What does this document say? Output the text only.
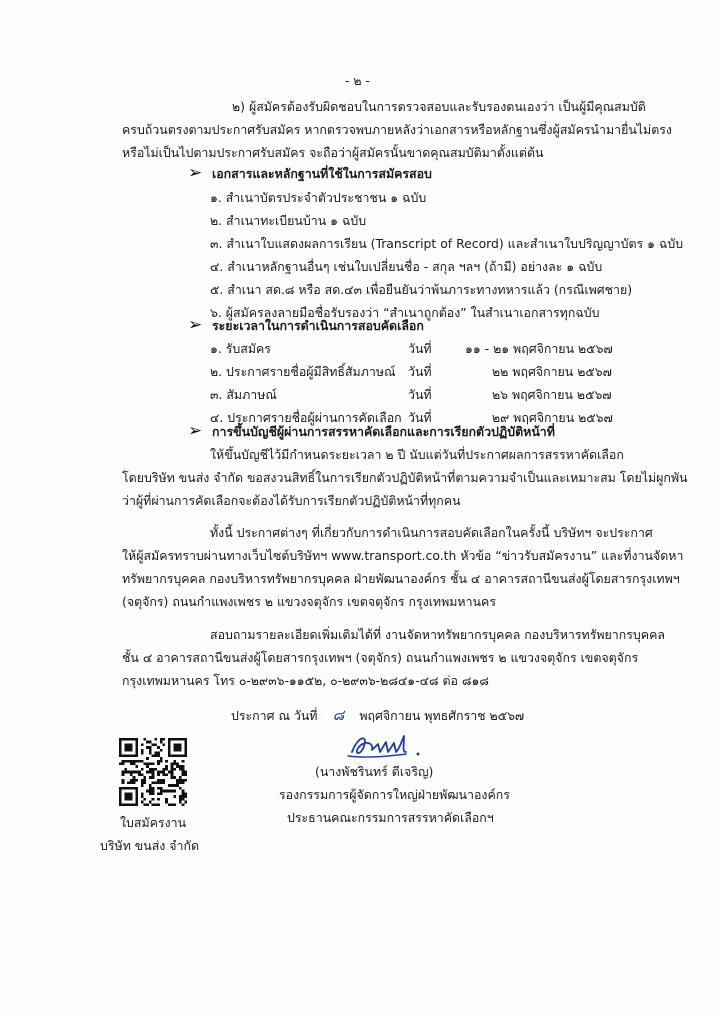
- ๒ -
๒) ผู้สมัครต้องรับผิดชอบในการตรวจสอบและรับรองตนเองว่า เป็นผู้มีคุณสมบัติ
ครบถ้วนตรงตามประกาศรับสมัคร หากตรวจพบภายหลังว่าเอกสารหรือหลักฐานซึ่งผู้สมัครนำมายื่นไม่ตรง
หรือไม่เป็นไปตามประกาศรับสมัคร จะถือว่าผู้สมัครนั้นขาดคุณสมบัติมาตั้งแต่ต้น
➢ เอกสารและหลักฐานที่ใช้ในการสมัครสอบ
๑. สำเนาบัตรประจำตัวประชาชน ๑ ฉบับ
๒. สำเนาทะเบียนบ้าน ๑ ฉบับ
๓. สำเนาใบแสดงผลการเรียน (Transcript of Record) และสำเนาใบปริญญาบัตร ๑ ฉบับ
๔. สำเนาหลักฐานอื่นๆ เช่นใบเปลี่ยนชื่อ - สกุล ฯลฯ (ถ้ามี) อย่างละ ๑ ฉบับ
๕. สำเนา สด.๘ หรือ สด.๔๓ เพื่อยืนยันว่าพ้นภาระทางทหารแล้ว (กรณีเพศชาย)
๖. ผู้สมัครลงลายมือชื่อรับรองว่า “สำเนาถูกต้อง” ในสำเนาเอกสารทุกฉบับ
➢ ระยะเวลาในการดำเนินการสอบคัดเลือก
๑. รับสมัคร	วันที่	๑๑ - ๒๑ พฤศจิกายน ๒๕๖๗
๒. ประกาศรายชื่อผู้มีสิทธิ์สัมภาษณ์ วันที่	๒๒ พฤศจิกายน ๒๕๖๗
๓. สัมภาษณ์	วันที่	๒๖ พฤศจิกายน ๒๕๖๗
๔. ประกาศรายชื่อผู้ผ่านการคัดเลือก วันที่	๒๙ พฤศจิกายน ๒๕๖๗
➢ การขึ้นบัญชีผู้ผ่านการสรรหาคัดเลือกและการเรียกตัวปฏิบัติหน้าที่
ให้ขึ้นบัญชีไว้มีกำหนดระยะเวลา ๒ ปี นับแต่วันที่ประกาศผลการสรรหาคัดเลือก
โดยบริษัท ขนส่ง จำกัด ขอสงวนสิทธิ์ในการเรียกตัวปฏิบัติหน้าที่ตามความจำเป็นและเหมาะสม โดยไม่ผูกพัน
ว่าผู้ที่ผ่านการคัดเลือกจะต้องได้รับการเรียกตัวปฏิบัติหน้าที่ทุกคน
ทั้งนี้ ประกาศต่างๆ ที่เกี่ยวกับการดำเนินการสอบคัดเลือกในครั้งนี้ บริษัทฯ จะประกาศ
ให้ผู้สมัครทราบผ่านทางเว็บไซต์บริษัทฯ www.transport.co.th หัวข้อ “ข่าวรับสมัครงาน” และที่งานจัดหา
ทรัพยากรบุคคล กองบริหารทรัพยากรบุคคล ฝ่ายพัฒนาองค์กร ชั้น ๔ อาคารสถานีขนส่งผู้โดยสารกรุงเทพฯ
(จตุจักร) ถนนกำแพงเพชร ๒ แขวงจตุจักร เขตจตุจักร กรุงเทพมหานคร
สอบถามรายละเอียดเพิ่มเติมได้ที่ งานจัดหาทรัพยากรบุคคล กองบริหารทรัพยากรบุคคล
ชั้น ๔ อาคารสถานีขนส่งผู้โดยสารกรุงเทพฯ (จตุจักร) ถนนกำแพงเพชร ๒ แขวงจตุจักร เขตจตุจักร
กรุงเทพมหานคร โทร ๐-๒๙๓๖-๑๑๕๒, ๐-๒๙๓๖-๒๘๔๑-๔๘ ต่อ ๘๑๘
ประกาศ ณ วันที่ ๘ พฤศจิกายน พุทธศักราช ๒๕๖๗
(นางพัชรินทร์ ดีเจริญ)
รองกรรมการผู้จัดการใหญ่ฝ่ายพัฒนาองค์กร
ประธานคณะกรรมการสรรหาคัดเลือกฯ
ใบสมัครงาน
บริษัท ขนส่ง จำกัด
